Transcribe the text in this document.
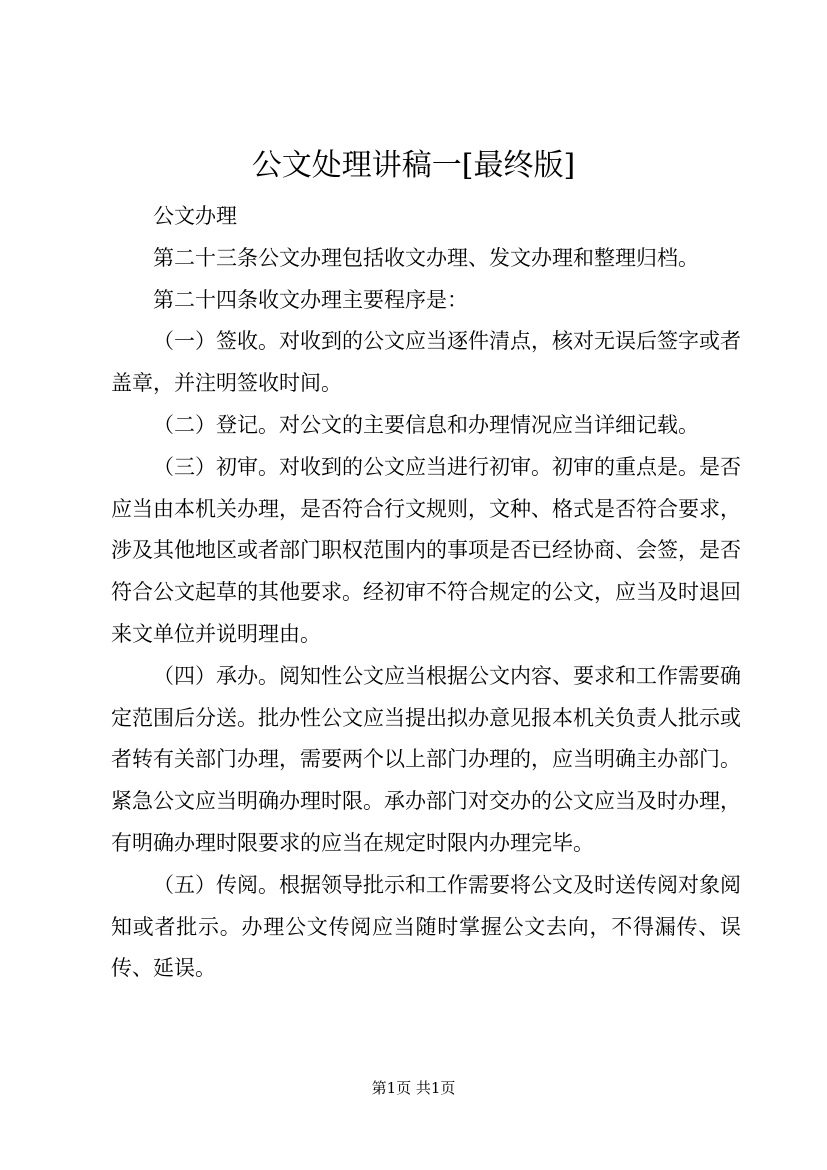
公文处理讲稿一[最终版]

公文办理

第二十三条公文办理包括收文办理、发文办理和整理归档。

第二十四条收文办理主要程序是：

（一）签收。对收到的公文应当逐件清点，核对无误后签字或者盖章，并注明签收时间。

（二）登记。对公文的主要信息和办理情况应当详细记载。

（三）初审。对收到的公文应当进行初审。初审的重点是。是否应当由本机关办理，是否符合行文规则，文种、格式是否符合要求，涉及其他地区或者部门职权范围内的事项是否已经协商、会签，是否符合公文起草的其他要求。经初审不符合规定的公文，应当及时退回来文单位并说明理由。

（四）承办。阅知性公文应当根据公文内容、要求和工作需要确定范围后分送。批办性公文应当提出拟办意见报本机关负责人批示或者转有关部门办理，需要两个以上部门办理的，应当明确主办部门。紧急公文应当明确办理时限。承办部门对交办的公文应当及时办理，有明确办理时限要求的应当在规定时限内办理完毕。

（五）传阅。根据领导批示和工作需要将公文及时送传阅对象阅知或者批示。办理公文传阅应当随时掌握公文去向，不得漏传、误传、延误。

第1页 共1页
